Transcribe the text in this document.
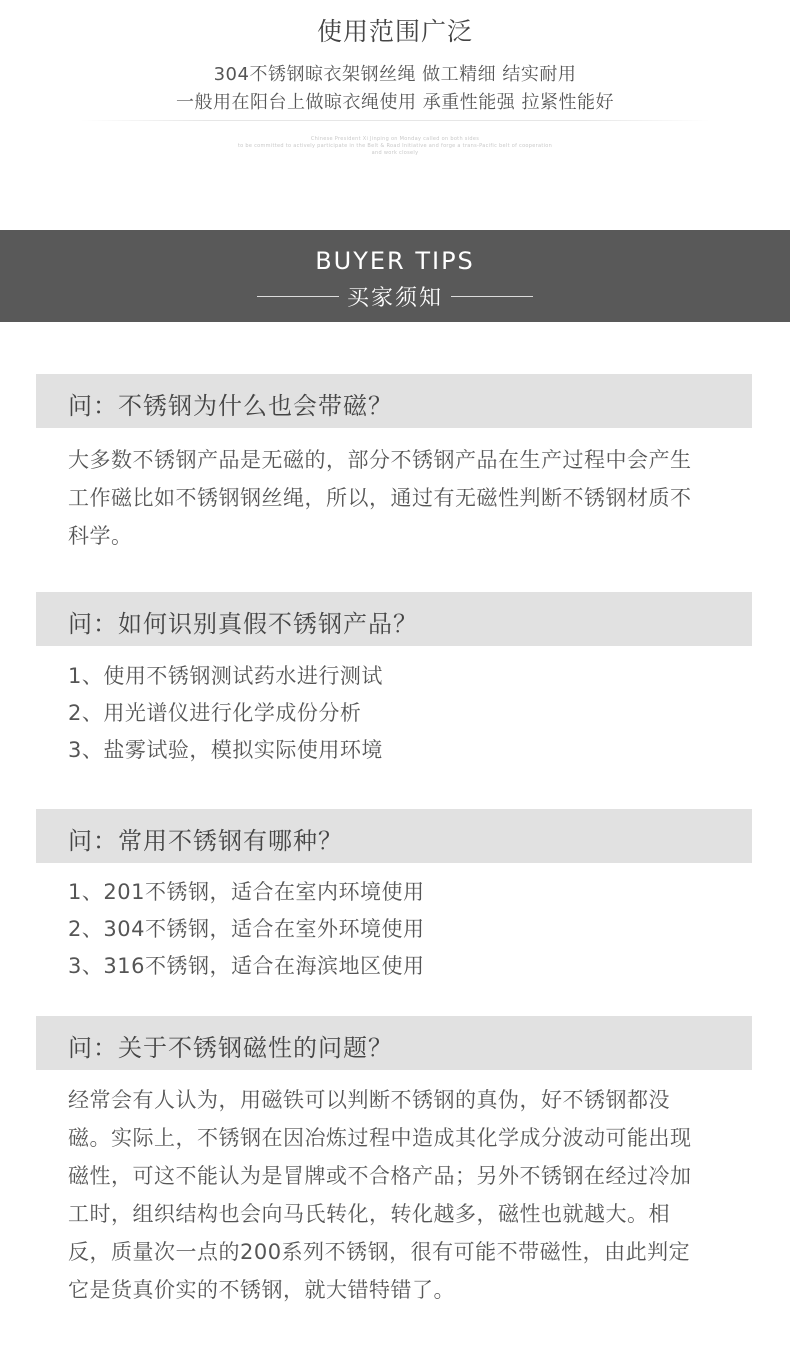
使用范围广泛
304不锈钢晾衣架钢丝绳 做工精细 结实耐用
一般用在阳台上做晾衣绳使用 承重性能强 拉紧性能好
Chinese President Xi Jinping on Monday called on both sides
to be committed to actively participate in the Belt & Road Initiative and forge a trans-Pacific belt of cooperation
and work closely
BUYER TIPS
买家须知
问：不锈钢为什么也会带磁？

大多数不锈钢产品是无磁的，部分不锈钢产品在生产过程中会产生工作磁比如不锈钢钢丝绳，所以，通过有无磁性判断不锈钢材质不科学。

问：如何识别真假不锈钢产品？
1、使用不锈钢测试药水进行测试
2、用光谱仪进行化学成份分析
3、盐雾试验，模拟实际使用环境
问：常用不锈钢有哪种？
1、201不锈钢，适合在室内环境使用
2、304不锈钢，适合在室外环境使用
3、316不锈钢，适合在海滨地区使用
问：关于不锈钢磁性的问题？

经常会有人认为，用磁铁可以判断不锈钢的真伪，好不锈钢都没磁。实际上，不锈钢在因冶炼过程中造成其化学成分波动可能出现磁性，可这不能认为是冒牌或不合格产品；另外不锈钢在经过冷加工时，组织结构也会向马氏转化，转化越多，磁性也就越大。相反，质量次一点的200系列不锈钢，很有可能不带磁性，由此判定它是货真价实的不锈钢，就大错特错了。
